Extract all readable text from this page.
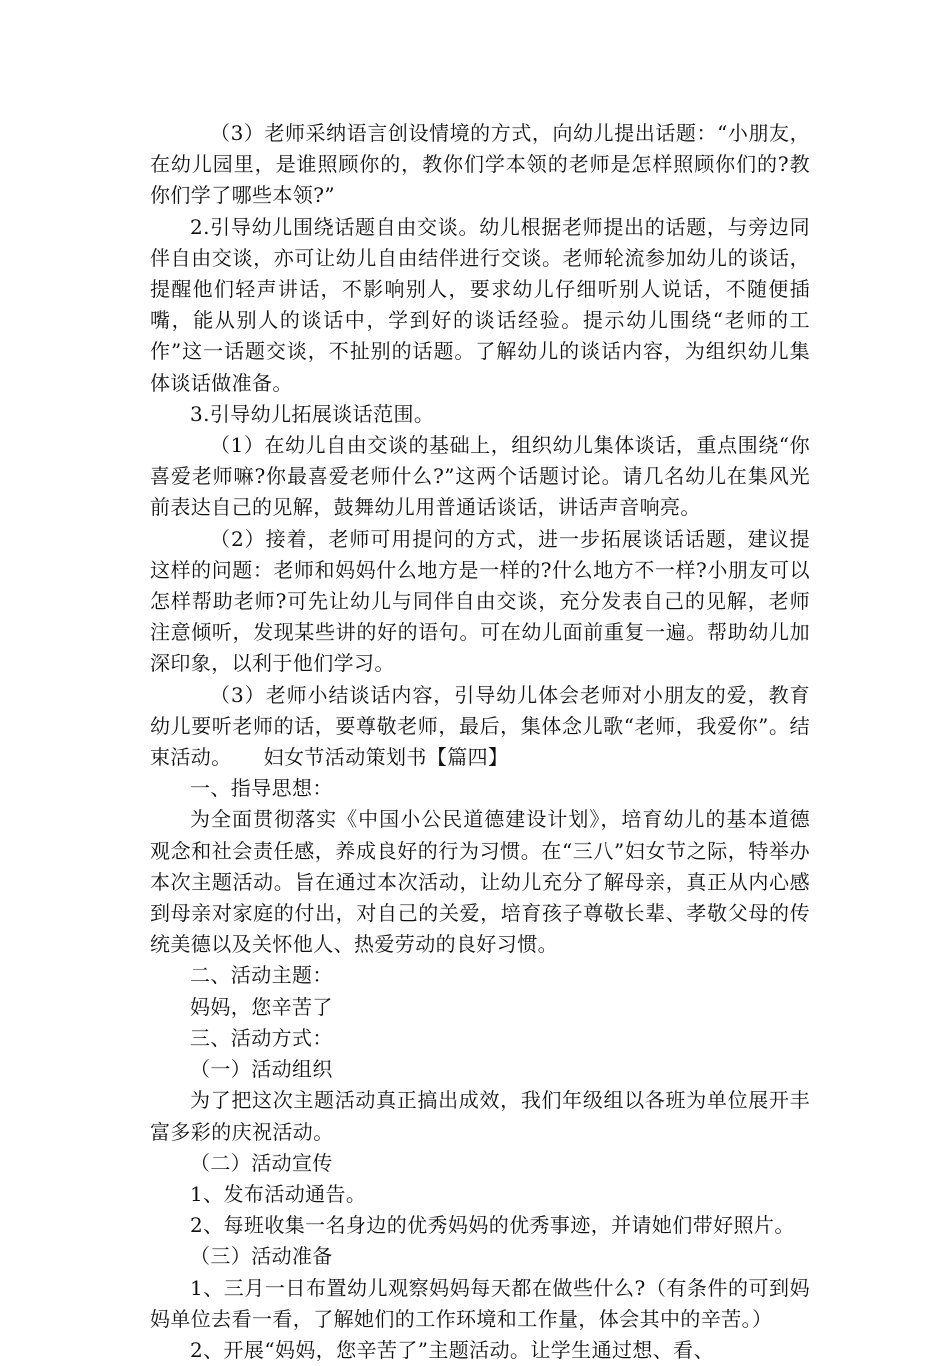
（3）老师采纳语言创设情境的方式，向幼儿提出话题：“小朋友，在幼儿园里，是谁照顾你的，教你们学本领的老师是怎样照顾你们的?教你们学了哪些本领?”

2.引导幼儿围绕话题自由交谈。幼儿根据老师提出的话题，与旁边同伴自由交谈，亦可让幼儿自由结伴进行交谈。老师轮流参加幼儿的谈话，提醒他们轻声讲话，不影响别人，要求幼儿仔细听别人说话，不随便插嘴，能从别人的谈话中，学到好的谈话经验。提示幼儿围绕“老师的工作”这一话题交谈，不扯别的话题。了解幼儿的谈话内容，为组织幼儿集体谈话做准备。

3.引导幼儿拓展谈话范围。

（1）在幼儿自由交谈的基础上，组织幼儿集体谈话，重点围绕“你喜爱老师嘛?你最喜爱老师什么?”这两个话题讨论。请几名幼儿在集风光前表达自己的见解，鼓舞幼儿用普通话谈话，讲话声音响亮。

（2）接着，老师可用提问的方式，进一步拓展谈话话题，建议提这样的问题：老师和妈妈什么地方是一样的?什么地方不一样?小朋友可以怎样帮助老师?可先让幼儿与同伴自由交谈，充分发表自己的见解，老师注意倾听，发现某些讲的好的语句。可在幼儿面前重复一遍。帮助幼儿加深印象，以利于他们学习。

（3）老师小结谈话内容，引导幼儿体会老师对小朋友的爱，教育幼儿要听老师的话，要尊敬老师，最后，集体念儿歌“老师，我爱你”。结束活动。 妇女节活动策划书【篇四】

一、指导思想：

为全面贯彻落实《中国小公民道德建设计划》，培育幼儿的基本道德观念和社会责任感，养成良好的行为习惯。在“三八”妇女节之际，特举办本次主题活动。旨在通过本次活动，让幼儿充分了解母亲，真正从内心感到母亲对家庭的付出，对自己的关爱，培育孩子尊敬长辈、孝敬父母的传统美德以及关怀他人、热爱劳动的良好习惯。

二、活动主题：

妈妈，您辛苦了

三、活动方式：

（一）活动组织

为了把这次主题活动真正搞出成效，我们年级组以各班为单位展开丰富多彩的庆祝活动。

（二）活动宣传

1、发布活动通告。

2、每班收集一名身边的优秀妈妈的优秀事迹，并请她们带好照片。

（三）活动准备

1、三月一日布置幼儿观察妈妈每天都在做些什么?（有条件的可到妈妈单位去看一看，了解她们的工作环境和工作量，体会其中的辛苦。）

2、开展“妈妈，您辛苦了”主题活动。让学生通过想、看、
